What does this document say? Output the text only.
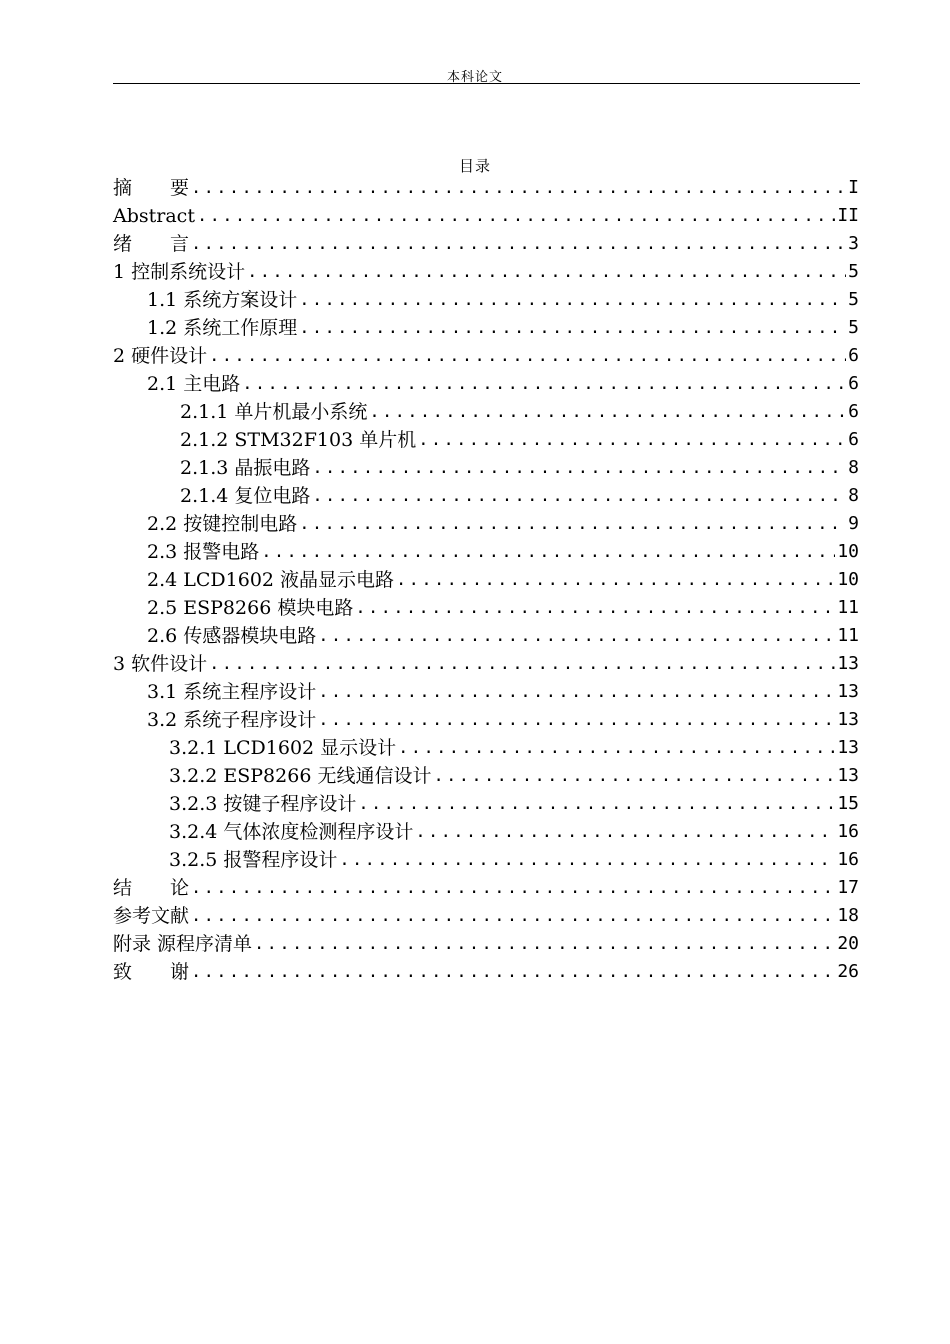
本科论文
目录
摘　　要 .....	I
Abstract .....	II
绪　　言 .....	3
1 控制系统设计 .....	5
1.1 系统方案设计 .....	5
1.2 系统工作原理 .....	5
2 硬件设计 .....	6
2.1 主电路 .....	6
2.1.1 单片机最小系统 .....	6
2.1.2 STM32F103 单片机 .....	6
2.1.3 晶振电路 .....	8
2.1.4 复位电路 .....	8
2.2 按键控制电路 .....	9
2.3 报警电路 .....	10
2.4 LCD1602 液晶显示电路 .....	10
2.5 ESP8266 模块电路 .....	11
2.6 传感器模块电路 .....	11
3 软件设计 .....	13
3.1 系统主程序设计 .....	13
3.2 系统子程序设计 .....	13
3.2.1 LCD1602 显示设计 .....	13
3.2.2 ESP8266 无线通信设计 .....	13
3.2.3 按键子程序设计 .....	15
3.2.4 气体浓度检测程序设计 .....	16
3.2.5 报警程序设计 .....	16
结　　论 .....	17
参考文献 .....	18
附录 源程序清单 .....	20
致　　谢 .....	26
